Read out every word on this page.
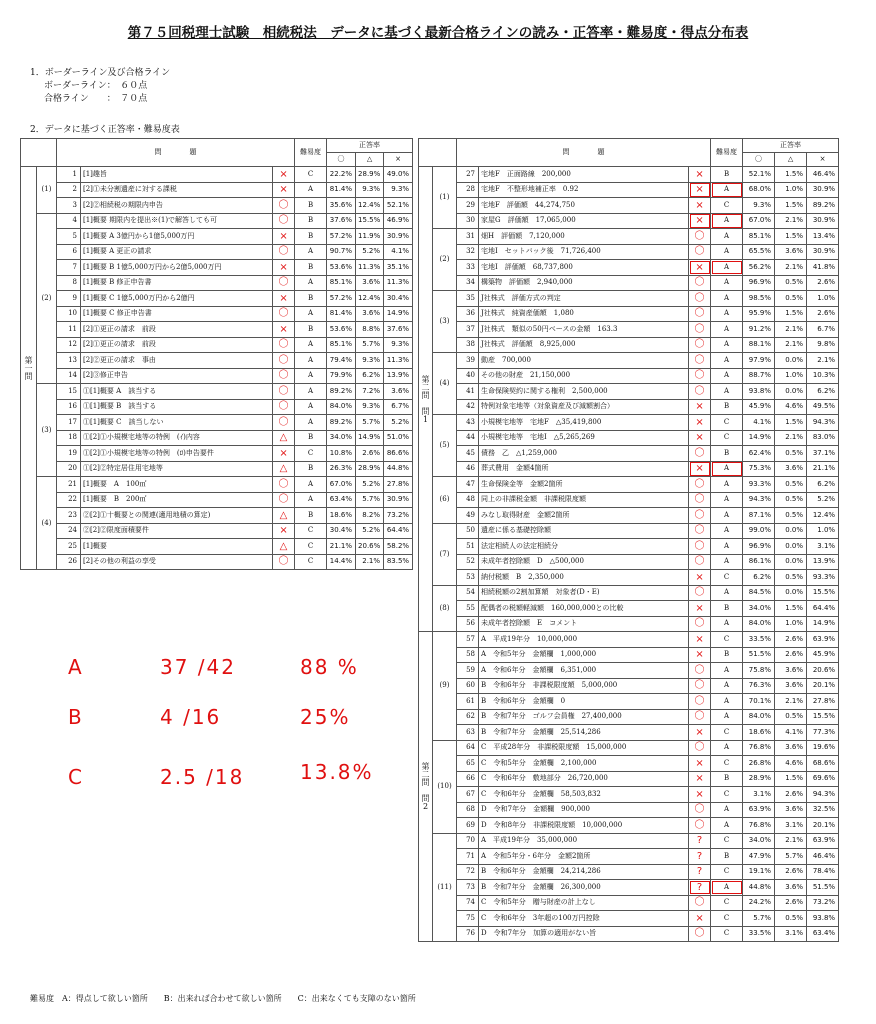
第７５回税理士試験　相続税法　データに基づく最新合格ラインの読み・正答率・難易度・得点分布表
1．ボーダーライン及び合格ライン
ボーダーライン：　６０点
合格ライン　　：　７０点
2．データに基づく正答率・難易度表
		問　　　　題			難易度	正答率		
						〇	△	×
第一問	(1)	1	[1]趣旨	×	C	22.2%	28.9%	49.0%
		2	[2]①未分割遺産に対する課税	×	A	81.4%	9.3%	9.3%
		3	[2]②相続税の期限内申告	〇	B	35.6%	12.4%	52.1%
	(2)	4	[1]概要 期限内を提出※(1)で解答しても可	〇	B	37.6%	15.5%	46.9%
		5	[1]概要 A 3億円から1億5,000万円	×	B	57.2%	11.9%	30.9%
		6	[1]概要 A 更正の請求	〇	A	90.7%	5.2%	4.1%
		7	[1]概要 B 1億5,000万円から2億5,000万円	×	B	53.6%	11.3%	35.1%
		8	[1]概要 B 修正申告書	〇	A	85.1%	3.6%	11.3%
		9	[1]概要 C 1億5,000万円から2億円	×	B	57.2%	12.4%	30.4%
		10	[1]概要 C 修正申告書	〇	A	81.4%	3.6%	14.9%
		11	[2]①更正の請求　前段	×	B	53.6%	8.8%	37.6%
		12	[2]①更正の請求　前段	〇	A	85.1%	5.7%	9.3%
		13	[2]②更正の請求　事由	〇	A	79.4%	9.3%	11.3%
		14	[2]③修正申告	〇	A	79.9%	6.2%	13.9%
	(3)	15	①[1]概要 A　該当する	〇	A	89.2%	7.2%	3.6%
		16	①[1]概要 B　該当する	〇	A	84.0%	9.3%	6.7%
		17	①[1]概要 C　該当しない	〇	A	89.2%	5.7%	5.2%
		18	①[2]①小規模宅地等の特例　(ｲ)内容	△	B	34.0%	14.9%	51.0%
		19	①[2]①小規模宅地等の特例　(ﾛ)申告要件	×	C	10.8%	2.6%	86.6%
		20	①[2]②特定居住用宅地等	△	B	26.3%	28.9%	44.8%
	(4)	21	[1]概要　A　100㎡	〇	A	67.0%	5.2%	27.8%
		22	[1]概要　B　200㎡	〇	A	63.4%	5.7%	30.9%
		23	②[2]①十概要との関連(適用地積の算定)	△	B	18.6%	8.2%	73.2%
		24	②[2]②限度面積要件	×	C	30.4%	5.2%	64.4%
		25	[1]概要	△	C	21.1%	20.6%	58.2%
		26	[2]その他の利益の享受	〇	C	14.4%	2.1%	83.5%
		問　　　　題			難易度	正答率		
						〇	△	×
第二問　問1	(1)	27	宅地F　正面路線　200,000	×	B	52.1%	1.5%	46.4%
		28	宅地F　不整形地補正率　0.92	×	A	68.0%	1.0%	30.9%
		29	宅地F　評価額　44,274,750	×	C	9.3%	1.5%	89.2%
		30	家屋G　評価額　17,065,000	×	A	67.0%	2.1%	30.9%
	(2)	31	畑H　評価額　7,120,000	〇	A	85.1%	1.5%	13.4%
		32	宅地I　セットバック後　71,726,400	〇	A	65.5%	3.6%	30.9%
		33	宅地I　評価額　68,737,800	×	A	56.2%	2.1%	41.8%
		34	構築物　評価額　2,940,000	〇	A	96.9%	0.5%	2.6%
	(3)	35	J社株式　評価方式の判定	〇	A	98.5%	0.5%	1.0%
		36	J社株式　純資産価額　1,080	〇	A	95.9%	1.5%	2.6%
		37	J社株式　類似の50円ベースの金額　163.3	〇	A	91.2%	2.1%	6.7%
		38	J社株式　評価額　8,925,000	〇	A	88.1%	2.1%	9.8%
	(4)	39	動産　700,000	〇	A	97.9%	0.0%	2.1%
		40	その他の財産　21,150,000	〇	A	88.7%	1.0%	10.3%
		41	生命保険契約に関する権利　2,500,000	〇	A	93.8%	0.0%	6.2%
		42	特例対象宅地等（対象資産及び減額割合）	×	B	45.9%	4.6%	49.5%
	(5)	43	小規模宅地等　宅地F　△35,419,800	×	C	4.1%	1.5%	94.3%
		44	小規模宅地等　宅地I　△5,265,269	×	C	14.9%	2.1%	83.0%
		45	債務　乙　△1,259,000	〇	B	62.4%	0.5%	37.1%
		46	葬式費用　金額4箇所	×	A	75.3%	3.6%	21.1%
	(6)	47	生命保険金等　金額2箇所	〇	A	93.3%	0.5%	6.2%
		48	同上の非課税金額　非課税限度額	〇	A	94.3%	0.5%	5.2%
		49	みなし取得財産　金額2箇所	〇	A	87.1%	0.5%	12.4%
	(7)	50	遺産に係る基礎控除額	〇	A	99.0%	0.0%	1.0%
		51	法定相続人の法定相続分	〇	A	96.9%	0.0%	3.1%
		52	未成年者控除額　D　△500,000	〇	A	86.1%	0.0%	13.9%
		53	納付税額　B　2,350,000	×	C	6.2%	0.5%	93.3%
	(8)	54	相続税額の2割加算額　対象者(D・E)	〇	A	84.5%	0.0%	15.5%
		55	配偶者の税額軽減額　160,000,000との比較	×	B	34.0%	1.5%	64.4%
		56	未成年者控除額　E　コメント	〇	A	84.0%	1.0%	14.9%
第二問　問2	(9)	57	A　平成19年分　10,000,000	×	C	33.5%	2.6%	63.9%
		58	A　令和5年分　金額欄　1,000,000	×	B	51.5%	2.6%	45.9%
		59	A　令和6年分　金額欄　6,351,000	〇	A	75.8%	3.6%	20.6%
		60	B　令和6年分　非課税限度額　5,000,000	〇	A	76.3%	3.6%	20.1%
		61	B　令和6年分　金額欄　0	〇	A	70.1%	2.1%	27.8%
		62	B　令和7年分　ゴルフ会員権　27,400,000	〇	A	84.0%	0.5%	15.5%
		63	B　令和7年分　金額欄　25,514,286	×	C	18.6%	4.1%	77.3%
	(10)	64	C　平成28年分　非課税限度額　15,000,000	〇	A	76.8%	3.6%	19.6%
		65	C　令和5年分　金額欄　2,100,000	×	C	26.8%	4.6%	68.6%
		66	C　令和6年分　敷地部分　26,720,000	×	B	28.9%	1.5%	69.6%
		67	C　令和6年分　金額欄　58,503,832	×	C	3.1%	2.6%	94.3%
		68	D　令和7年分　金額欄　900,000	〇	A	63.9%	3.6%	32.5%
		69	D　令和8年分　非課税限度額　10,000,000	〇	A	76.8%	3.1%	20.1%
	(11)	70	A　平成19年分　35,000,000	?	C	34.0%	2.1%	63.9%
		71	A　令和5年分・6年分　金額2箇所	?	B	47.9%	5.7%	46.4%
		72	B　令和6年分　金額欄　24,214,286	?	C	19.1%	2.6%	78.4%
		73	B　令和7年分　金額欄　26,300,000	?	A	44.8%	3.6%	51.5%
		74	C　令和5年分　贈与財産の計上なし	〇	C	24.2%	2.6%	73.2%
		75	C　令和6年分　3年超の100万円控除	×	C	5.7%	0.5%	93.8%
		76	D　令和7年分　加算の適用がない旨	〇	C	33.5%	3.1%	63.4%
A	37 /42	88 %
B	4 /16	25%
C	2.5 /18	13.8%
難易度　A：得点して欲しい箇所　　B：出来れば合わせて欲しい箇所　　C：出来なくても支障のない箇所
